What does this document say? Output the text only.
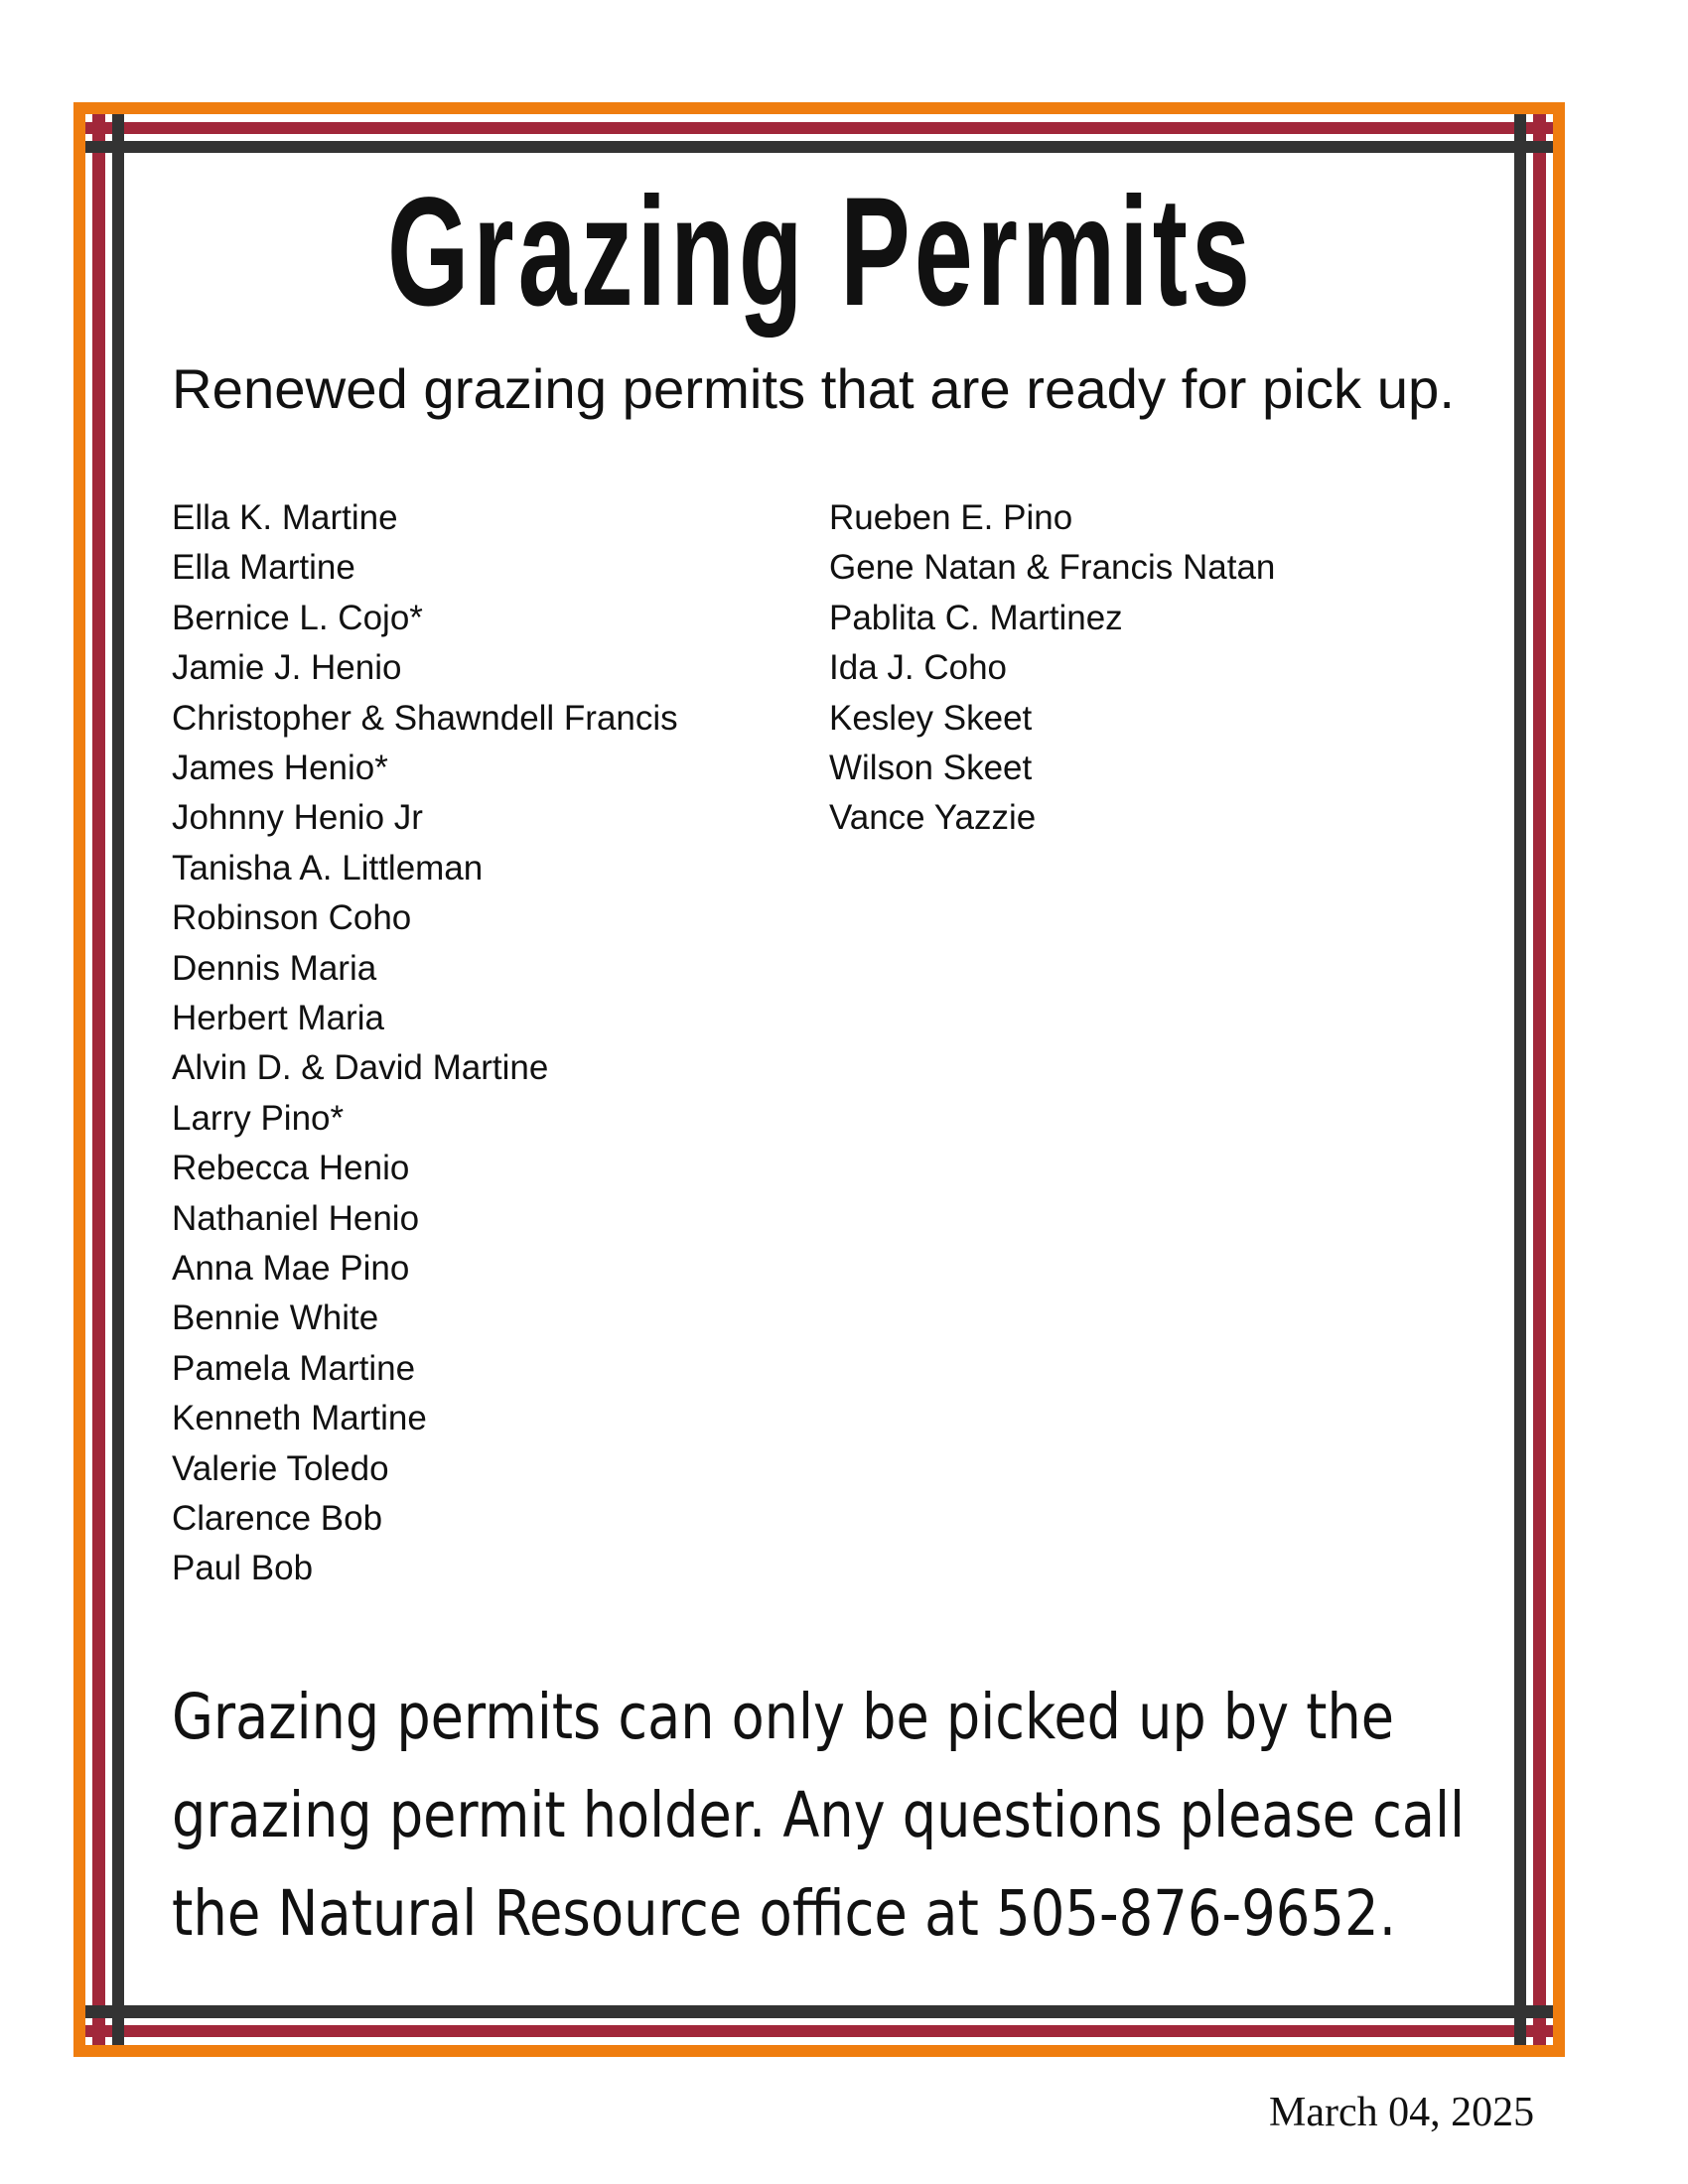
Grazing Permits
Renewed grazing permits that are ready for pick up.
Ella K. Martine
Ella Martine
Bernice L. Cojo*
Jamie J. Henio
Christopher & Shawndell Francis
James Henio*
Johnny Henio Jr
Tanisha A. Littleman
Robinson Coho
Dennis Maria
Herbert Maria
Alvin D. & David Martine
Larry Pino*
Rebecca Henio
Nathaniel Henio
Anna Mae Pino
Bennie White
Pamela Martine
Kenneth Martine
Valerie Toledo
Clarence Bob
Paul Bob
Rueben E. Pino
Gene Natan & Francis Natan
Pablita C. Martinez
Ida J. Coho
Kesley Skeet
Wilson Skeet
Vance Yazzie
Grazing permits can only be picked up by the
grazing permit holder. Any questions please call
the Natural Resource office at 505-876-9652.
March 04, 2025
